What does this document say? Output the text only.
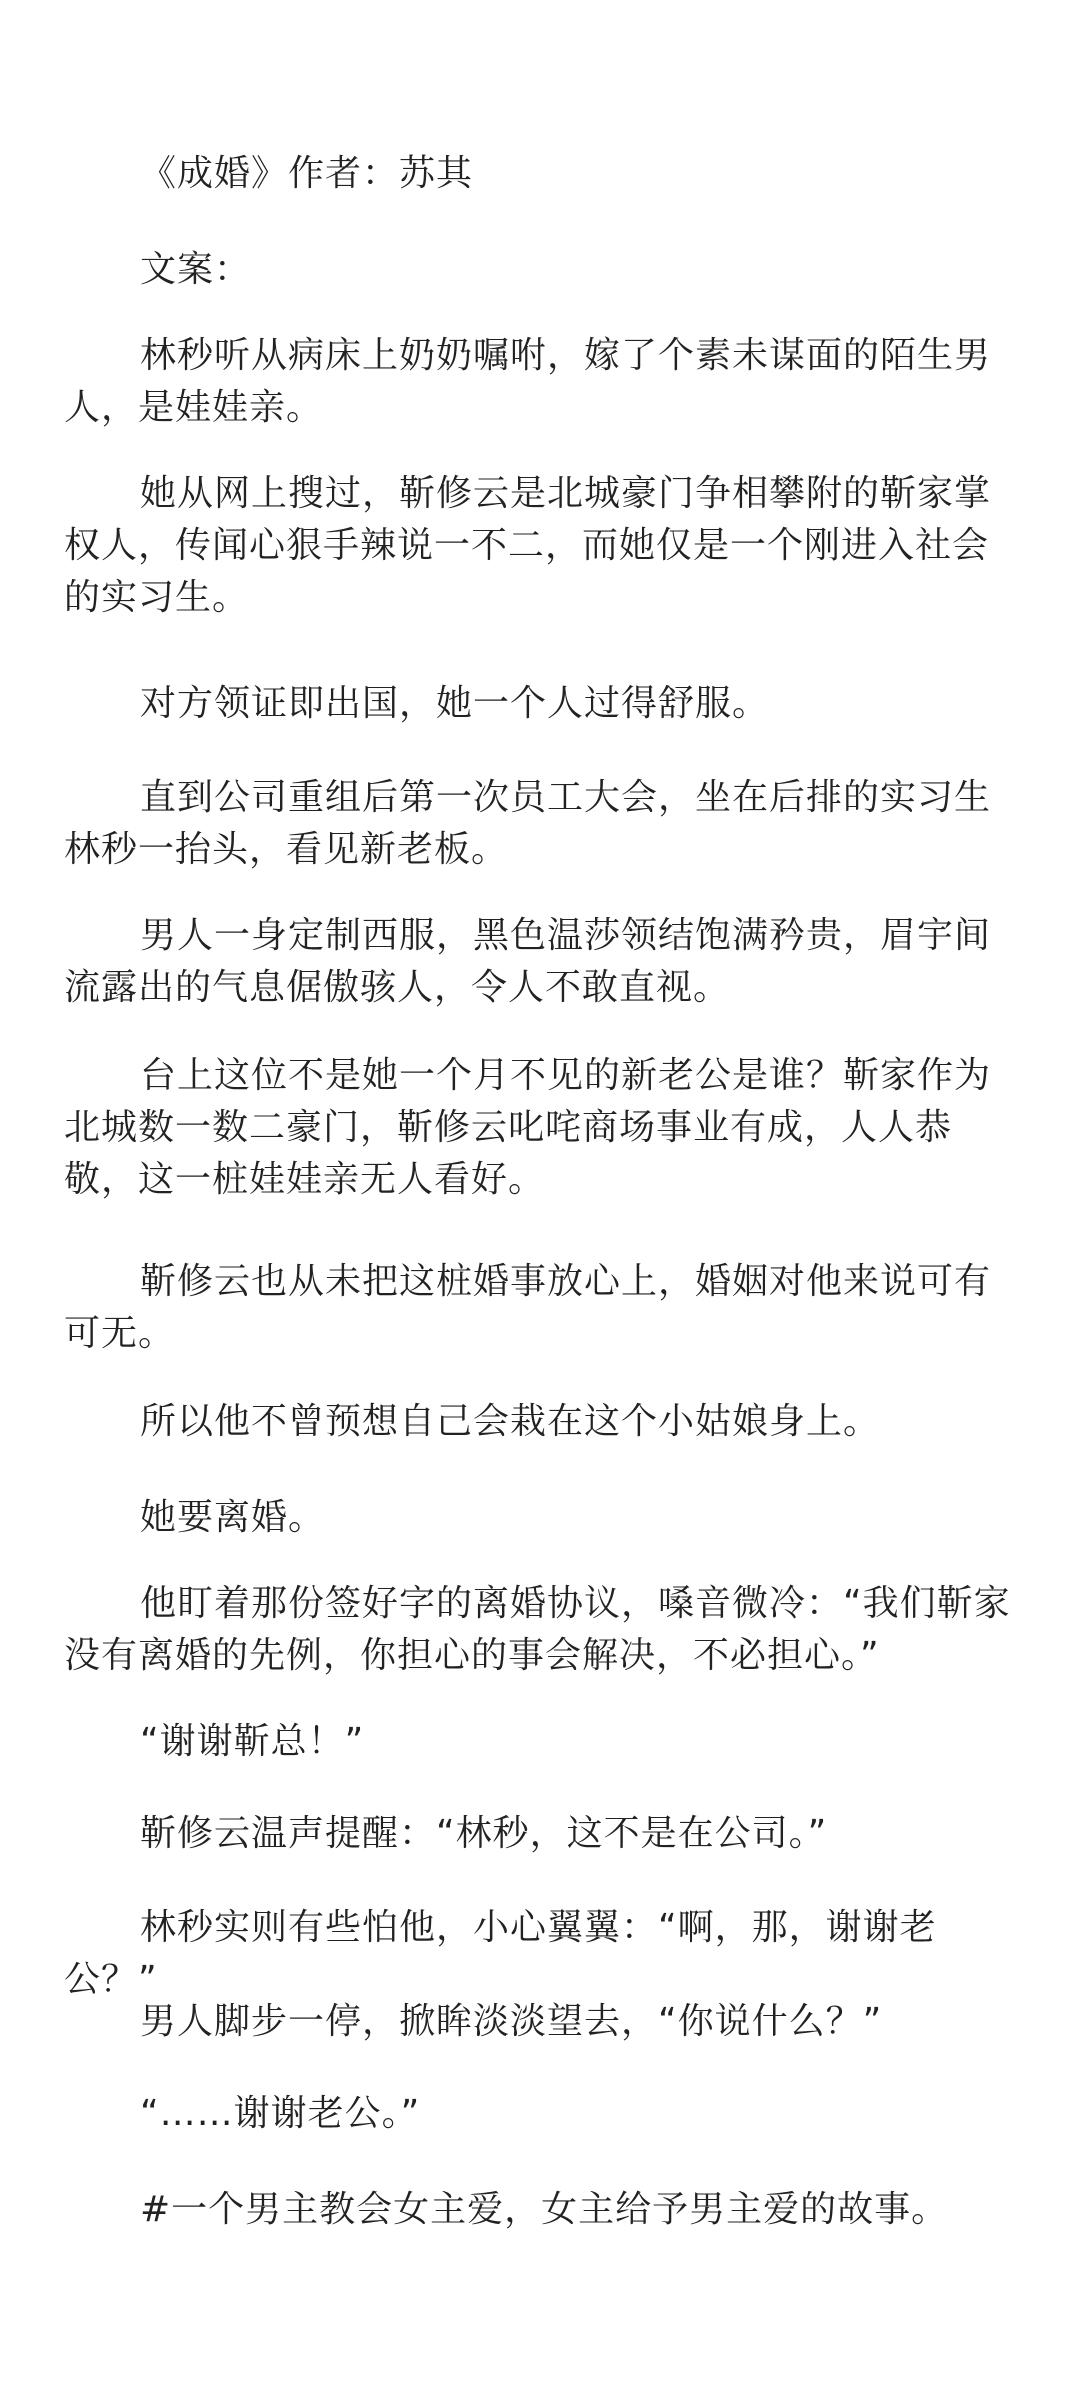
《成婚》作者：苏其

文案：

林秒听从病床上奶奶嘱咐，嫁了个素未谋面的陌生男人，是娃娃亲。

她从网上搜过，靳修云是北城豪门争相攀附的靳家掌权人，传闻心狠手辣说一不二，而她仅是一个刚进入社会的实习生。

对方领证即出国，她一个人过得舒服。

直到公司重组后第一次员工大会，坐在后排的实习生林秒一抬头，看见新老板。

男人一身定制西服，黑色温莎领结饱满矜贵，眉宇间流露出的气息倨傲骇人，令人不敢直视。

台上这位不是她一个月不见的新老公是谁？靳家作为北城数一数二豪门，靳修云叱咤商场事业有成，人人恭敬，这一桩娃娃亲无人看好。

靳修云也从未把这桩婚事放心上，婚姻对他来说可有可无。

所以他不曾预想自己会栽在这个小姑娘身上。

她要离婚。

他盯着那份签好字的离婚协议，嗓音微冷：“我们靳家没有离婚的先例，你担心的事会解决，不必担心。”

“谢谢靳总！”

靳修云温声提醒：“林秒，这不是在公司。”

林秒实则有些怕他，小心翼翼：“啊，那，谢谢老公？”

男人脚步一停，掀眸淡淡望去，“你说什么？”

“……谢谢老公。”

#一个男主教会女主爱，女主给予男主爱的故事。
